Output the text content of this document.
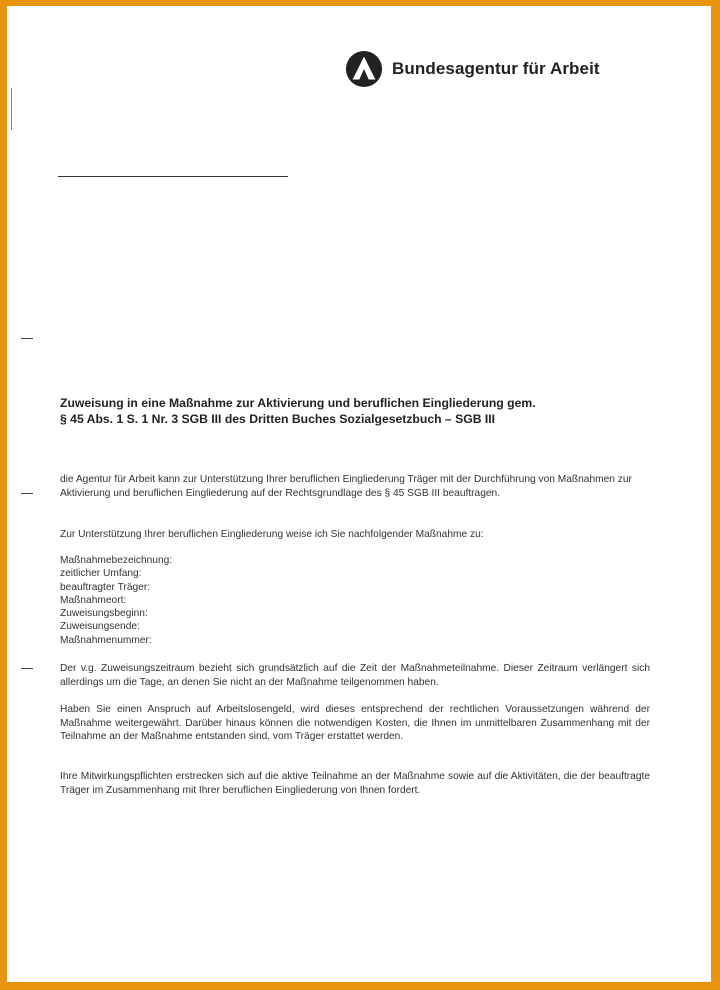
Bundesagentur für Arbeit
Zuweisung in eine Maßnahme zur Aktivierung und beruflichen Eingliederung gem.
§ 45 Abs. 1 S. 1 Nr. 3 SGB III des Dritten Buches Sozialgesetzbuch – SGB III
die Agentur für Arbeit kann zur Unterstützung Ihrer beruflichen Eingliederung Träger mit der Durchführung von Maßnahmen zur Aktivierung und beruflichen Eingliederung auf der Rechtsgrundlage des § 45 SGB III beauftragen.
Zur Unterstützung Ihrer beruflichen Eingliederung weise ich Sie nachfolgender Maßnahme zu:
Maßnahmebezeichnung:
zeitlicher Umfang:
beauftragter Träger:
Maßnahmeort:
Zuweisungsbeginn:
Zuweisungsende:
Maßnahmenummer:
Der v.g. Zuweisungszeitraum bezieht sich grundsätzlich auf die Zeit der Maßnahmeteilnahme. Dieser Zeitraum verlängert sich allerdings um die Tage, an denen Sie nicht an der Maßnahme teilgenommen haben.
Haben Sie einen Anspruch auf Arbeitslosengeld, wird dieses entsprechend der rechtlichen Voraussetzungen während der Maßnahme weitergewährt. Darüber hinaus können die notwendigen Kosten, die Ihnen im unmittelbaren Zusammenhang mit der Teilnahme an der Maßnahme entstanden sind, vom Träger erstattet werden.
Ihre Mitwirkungspflichten erstrecken sich auf die aktive Teilnahme an der Maßnahme sowie auf die Aktivitäten, die der beauftragte Träger im Zusammenhang mit Ihrer beruflichen Eingliederung von Ihnen fordert.
